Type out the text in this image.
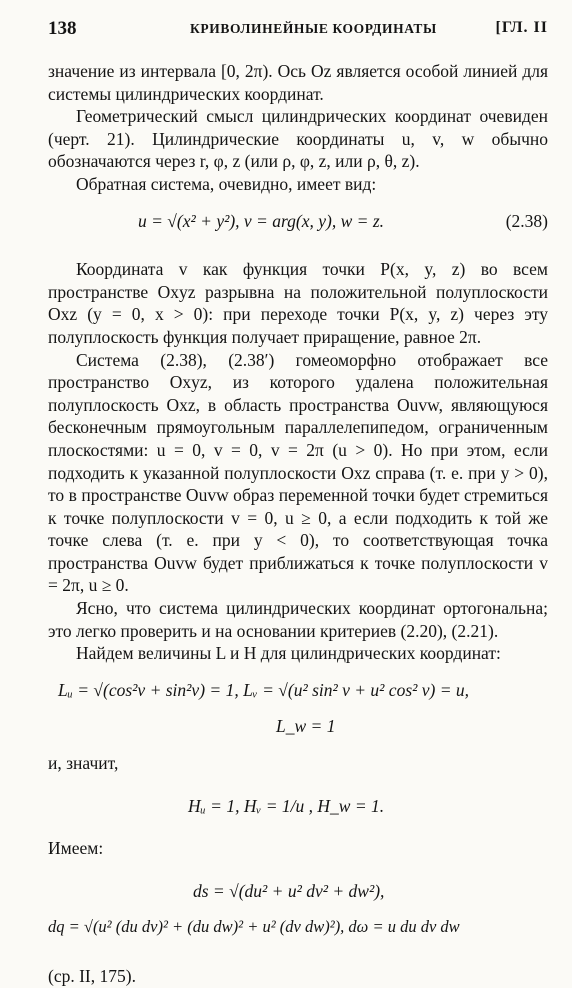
138	КРИВОЛИНЕЙНЫЕ КООРДИНАТЫ	[ГЛ. II

значение из интервала [0, 2π). Ось Oz является особой линией для системы цилиндрических координат.

Геометрический смысл цилиндрических координат очевиден (черт. 21). Цилиндрические координаты u, v, w обычно обозначаются через r, φ, z (или ρ, φ, z, или ρ, θ, z).

Обратная система, очевидно, имеет вид:

u = √(x² + y²), v = arg(x, y), w = z.	(2.38)

Координата v как функция точки P(x, y, z) во всем пространстве Oxyz разрывна на положительной полуплоскости Oxz (y = 0, x > 0): при переходе точки P(x, y, z) через эту полуплоскость функция получает приращение, равное 2π.

Система (2.38), (2.38′) гомеоморфно отображает все пространство Oxyz, из которого удалена положительная полуплоскость Oxz, в область пространства Ouvw, являющуюся бесконечным прямоугольным параллелепипедом, ограниченным плоскостями: u = 0, v = 0, v = 2π (u > 0). Но при этом, если подходить к указанной полуплоскости Oxz справа (т. е. при y > 0), то в пространстве Ouvw образ переменной точки будет стремиться к точке полуплоскости v = 0, u ≥ 0, а если подходить к той же точке слева (т. е. при y < 0), то соответствующая точка пространства Ouvw будет приближаться к точке полуплоскости v = 2π, u ≥ 0.

Ясно, что система цилиндрических координат ортогональна; это легко проверить и на основании критериев (2.20), (2.21).

Найдем величины L и H для цилиндрических координат:

Lᵤ = √(cos²v + sin²v) = 1, Lᵥ = √(u² sin² v + u² cos² v) = u,
L_w = 1

и, значит,

Hᵤ = 1, Hᵥ = 1/u , H_w = 1.

Имеем:

ds = √(du² + u² dv² + dw²),
dq = √(u² (du dv)² + (du dw)² + u² (dv dw)²), dω = u du dv dw

(ср. II, 175).
